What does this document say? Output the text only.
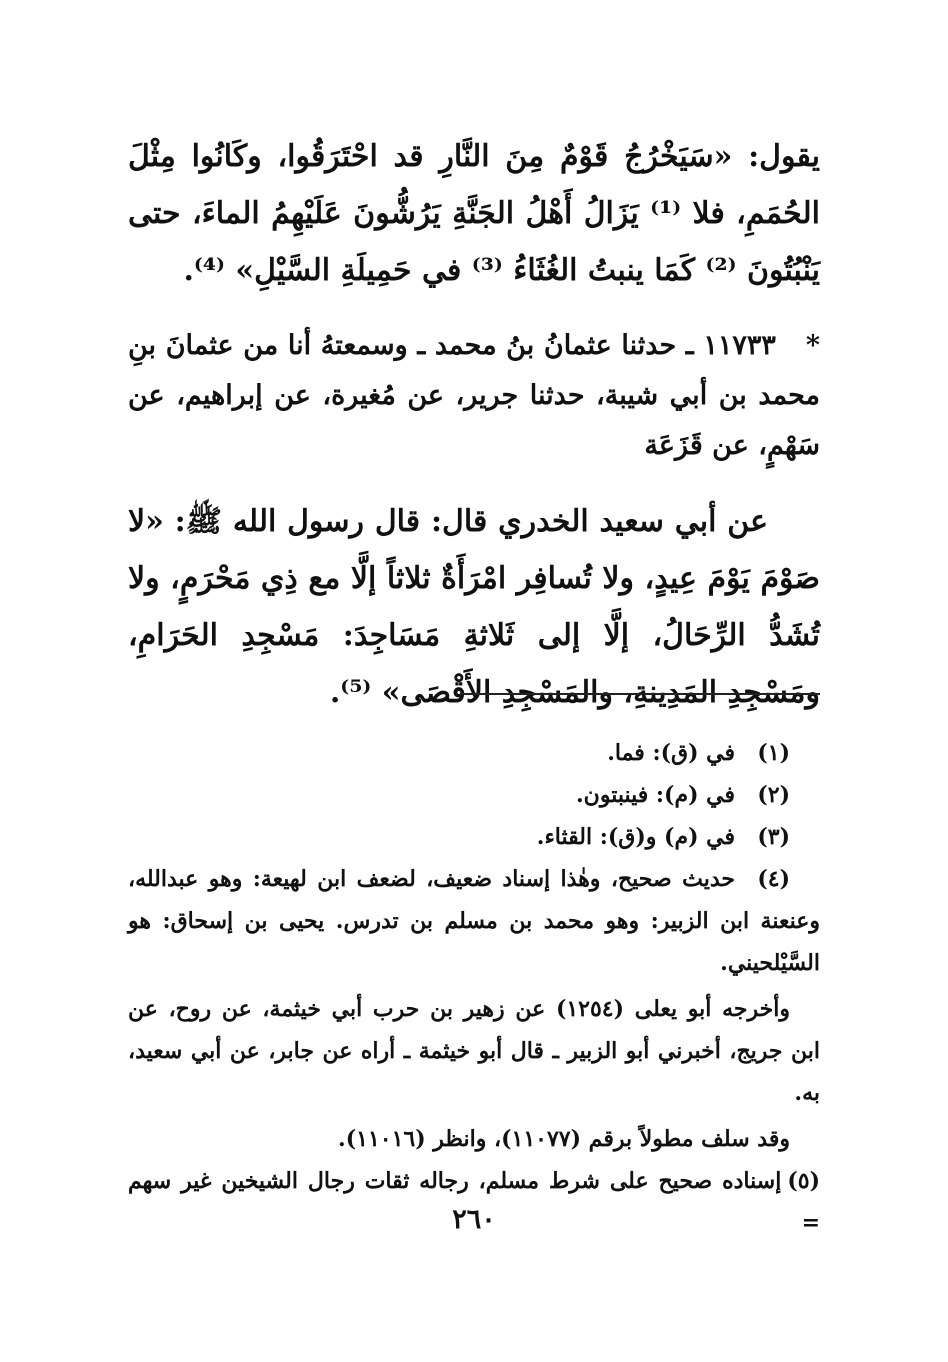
يقول: «سَيَخْرُجُ قَوْمٌ مِنَ النَّارِ قد احْتَرَقُوا، وكَانُوا مِثْلَ الحُمَمِ، فلا ⁽¹⁾ يَزَالُ أَهْلُ الجَنَّةِ يَرُشُّونَ عَلَيْهِمُ الماءَ، حتى يَنْبُتُونَ ⁽²⁾ كَمَا ينبتُ الغُثَاءُ ⁽³⁾ في حَمِيلَةِ السَّيْلِ» ⁽⁴⁾.

*١١٧٣٣ ـ حدثنا عثمانُ بنُ محمد ـ وسمعتهُ أنا من عثمانَ بنِ محمد بن أبي شيبة، حدثنا جرير، عن مُغيرة، عن إبراهيم، عن سَهْمٍ، عن قَزَعَة

عن أبي سعيد الخدري قال: قال رسول الله ﷺ: «لا صَوْمَ يَوْمَ عِيدٍ، ولا تُسافِر امْرَأَةٌ ثلاثاً إلَّا مع ذِي مَحْرَمٍ، ولا تُشَدُّ الرِّحَالُ، إلَّا إلى ثَلاثةِ مَسَاجِدَ: مَسْجِدِ الحَرَامِ، ومَسْجِدِ المَدِينةِ، والمَسْجِدِ الأَقْصَى» ⁽⁵⁾.

(١)في (ق): فما.

(٢)في (م): فينبتون.

(٣)في (م) و(ق): القثاء.

(٤)حديث صحيح، وهٰذا إسناد ضعيف، لضعف ابن لهيعة: وهو عبدالله، وعنعنة ابن الزبير: وهو محمد بن مسلم بن تدرس. يحيى بن إسحاق: هو السَّيْلحيني.

وأخرجه أبو يعلى (١٢٥٤) عن زهير بن حرب أبي خيثمة، عن روح، عن ابن جريج، أخبرني أبو الزبير ـ قال أبو خيثمة ـ أراه عن جابر، عن أبي سعيد، به.

وقد سلف مطولاً برقم (١١٠٧٧)، وانظر (١١٠١٦).

(٥)إسناده صحيح على شرط مسلم، رجاله ثقات رجال الشيخين غير سهم =

٢٦٠
